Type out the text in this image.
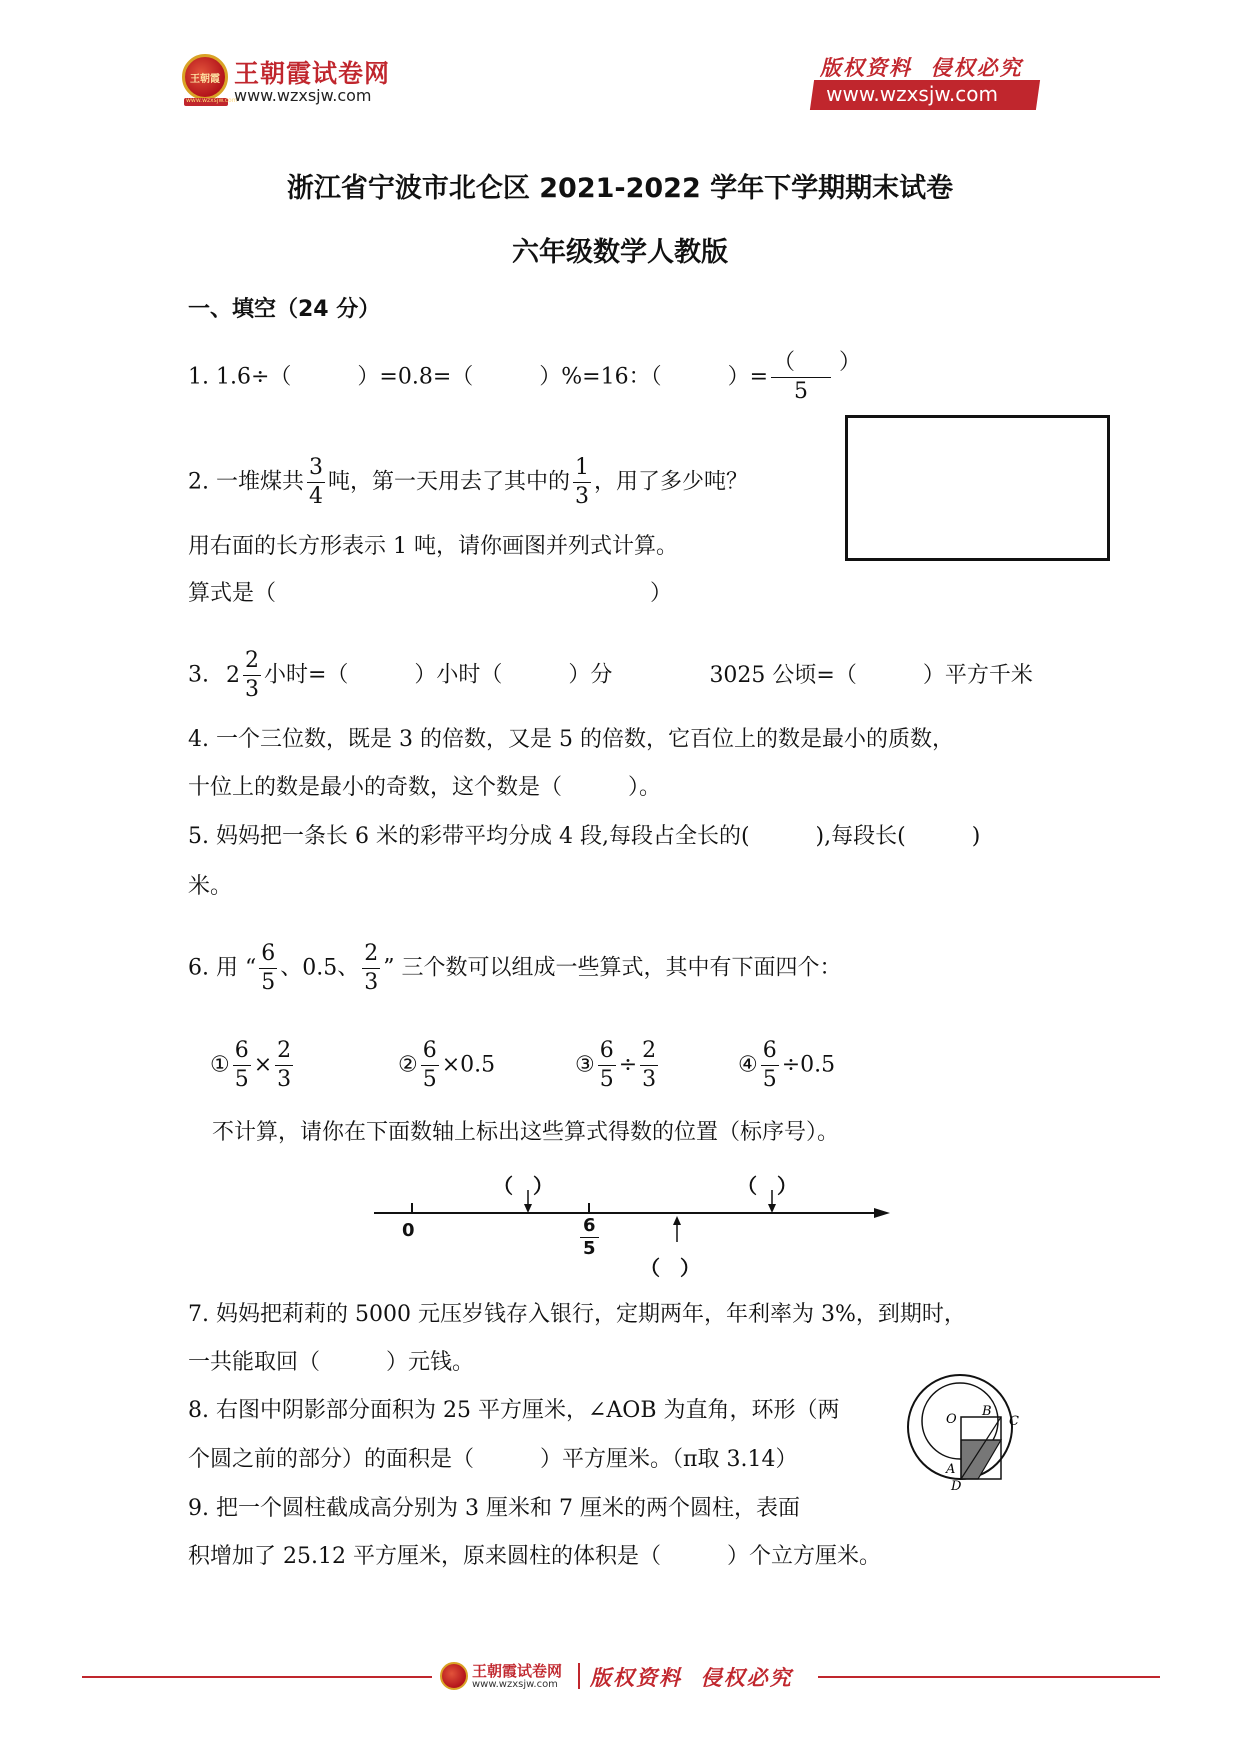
王朝霞
www.wzxsjw.com
王朝霞试卷网
www.wzxsjw.com
版权资料  侵权必究
www.wzxsjw.com
浙江省宁波市北仑区 2021-2022 学年下学期期末试卷
六年级数学人教版
一、填空（24 分）
1. 1.6÷（　　　）=0.8=（　　　）%=16：（　　　）= $\frac{( )}{5}$
2. 一堆煤共 $\frac{3}{4}$ 吨，第一天用去了其中的 $\frac{1}{3}$ ，用了多少吨？
用右面的长方形表示 1 吨，请你画图并列式计算。
算式是（　　　　　　　　　　　　　　　　　）
3. $2 \frac{2}{3}$ 小时=（　　　）小时（　　　）分	3025 公顷=（　　　）平方千米
4. 一个三位数，既是 3 的倍数，又是 5 的倍数，它百位上的数是最小的质数，
十位上的数是最小的奇数，这个数是（　　　）。
5. 妈妈把一条长 6 米的彩带平均分成 4 段,每段占全长的(　　　),每段长(　　　)
米。
6. 用 “ $\frac{6}{5}$ 、0.5、 $\frac{2}{3}$ ” 三个数可以组成一些算式，其中有下面四个：
① $\frac{6}{5} \times \frac{2}{3}$	② $\frac{6}{5} \times 0.5$	③ $\frac{6}{5} \div \frac{2}{3}$	④ $\frac{6}{5} \div 0.5$
不计算，请你在下面数轴上标出这些算式得数的位置（标序号）。
0	6
5
（　）	（　）
（　）
7. 妈妈把莉莉的 5000 元压岁钱存入银行，定期两年，年利率为 3%，到期时，
一共能取回（　　　）元钱。
8. 右图中阴影部分面积为 25 平方厘米，∠AOB 为直角，环形（两
个圆之前的部分）的面积是（　　　）平方厘米。（π取 3.14）
O
B
C
A
D
9. 把一个圆柱截成高分别为 3 厘米和 7 厘米的两个圆柱，表面
积增加了 25.12 平方厘米，原来圆柱的体积是（　　　）个立方厘米。
王朝霞试卷网
www.wzxsjw.com 版权资料  侵权必究
